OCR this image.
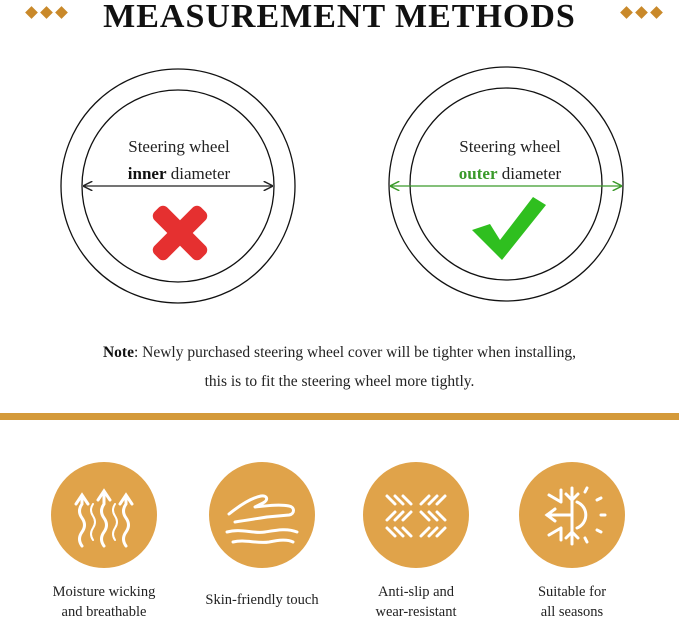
MEASUREMENT METHODS
Steering wheel
inner diameter
Steering wheel
outer diameter
Note: Newly purchased steering wheel cover will be tighter when installing,
this is to fit the steering wheel more tightly.
Moisture wicking
and breathable
Skin-friendly touch	Anti-slip and
wear-resistant
Suitable for
all seasons
